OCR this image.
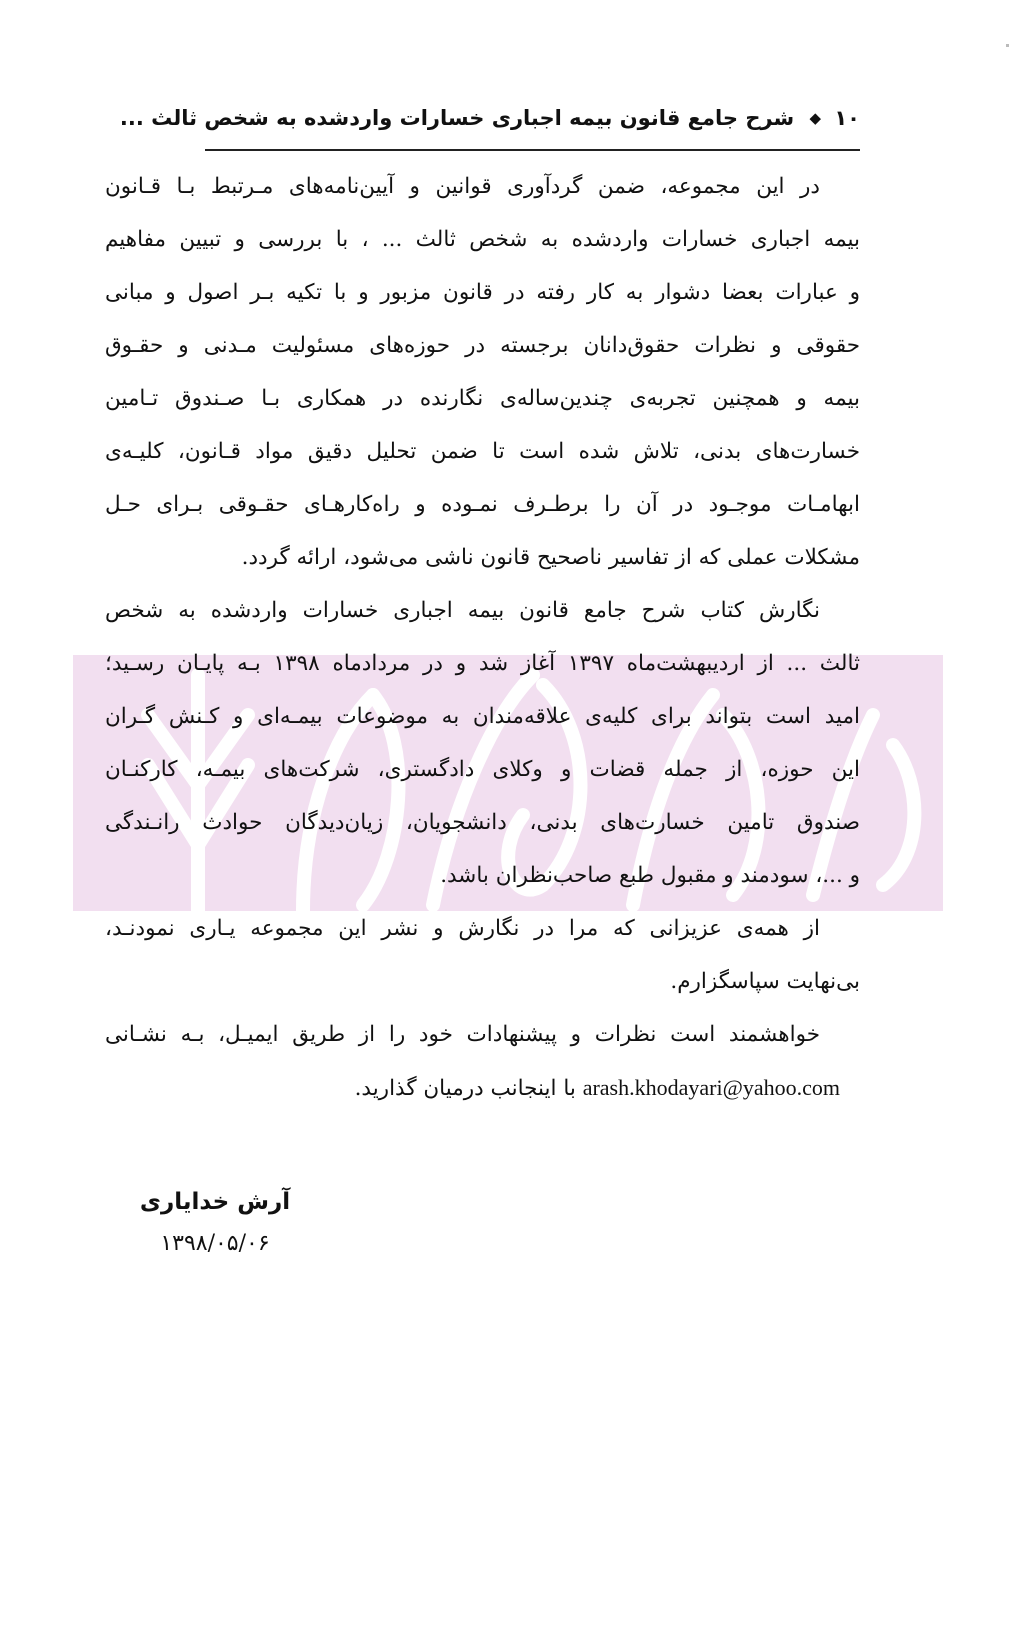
۱۰ ◆ شرح جامع قانون بیمه اجباری خسارات واردشده به شخص ثالث ...
در این مجموعه، ضمن گردآوری قوانین و آیین‌نامه‌های مـرتبط بـا قـانون
بیمه اجباری خسارات واردشده به شخص ثالث ... ، با بررسی و تبیین مفاهیم
و عبارات بعضا دشوار به کار رفته در قانون مزبور و با تکیه بـر اصول و مبانی
حقوقی و نظرات حقوق‌دانان برجسته در حوزه‌های مسئولیت مـدنی و حقـوق
بیمه و همچنین تجربه‌ی چندین‌ساله‌ی نگارنده در همکاری بـا صـندوق تـامین
خسارت‌های بدنی، تلاش شده است تا ضمن تحلیل دقیق مواد قـانون، کلیـه‌ی
ابهامـات موجـود در آن را برطـرف نمـوده و راه‌کارهـای حقـوقی بـرای حـل
مشکلات عملی که از تفاسیر ناصحیح قانون ناشی می‌شود، ارائه گردد.
نگارش کتاب شرح جامع قانون بیمه اجباری خسارات واردشده به شخص
ثالث ... از اردیبهشت‌ماه ۱۳۹۷ آغاز شد و در مردادماه ۱۳۹۸ بـه پایـان رسـید؛
امید است بتواند برای کلیه‌ی علاقه‌مندان به موضوعات بیمـه‌ای و کـنش گـران
این حوزه، از جمله قضات و وکلای دادگستری، شرکت‌های بیمـه، کارکنـان
صندوق تامین خسارت‌های بدنی، دانشجویان، زیان‌دیدگان حوادث رانـندگی
و ...، سودمند و مقبول طبع صاحب‌نظران باشد.
از همه‌ی عزیزانی که مرا در نگارش و نشر این مجموعه یـاری نمودنـد،
بی‌نهایت سپاسگزارم.
خواهشمند است نظرات و پیشنهادات خود را از طریق ایمیـل، بـه نشـانی
arash.khodayari@yahoo.com با اینجانب درمیان گذارید.
آرش خدایاری
۱۳۹۸/۰۵/۰۶
